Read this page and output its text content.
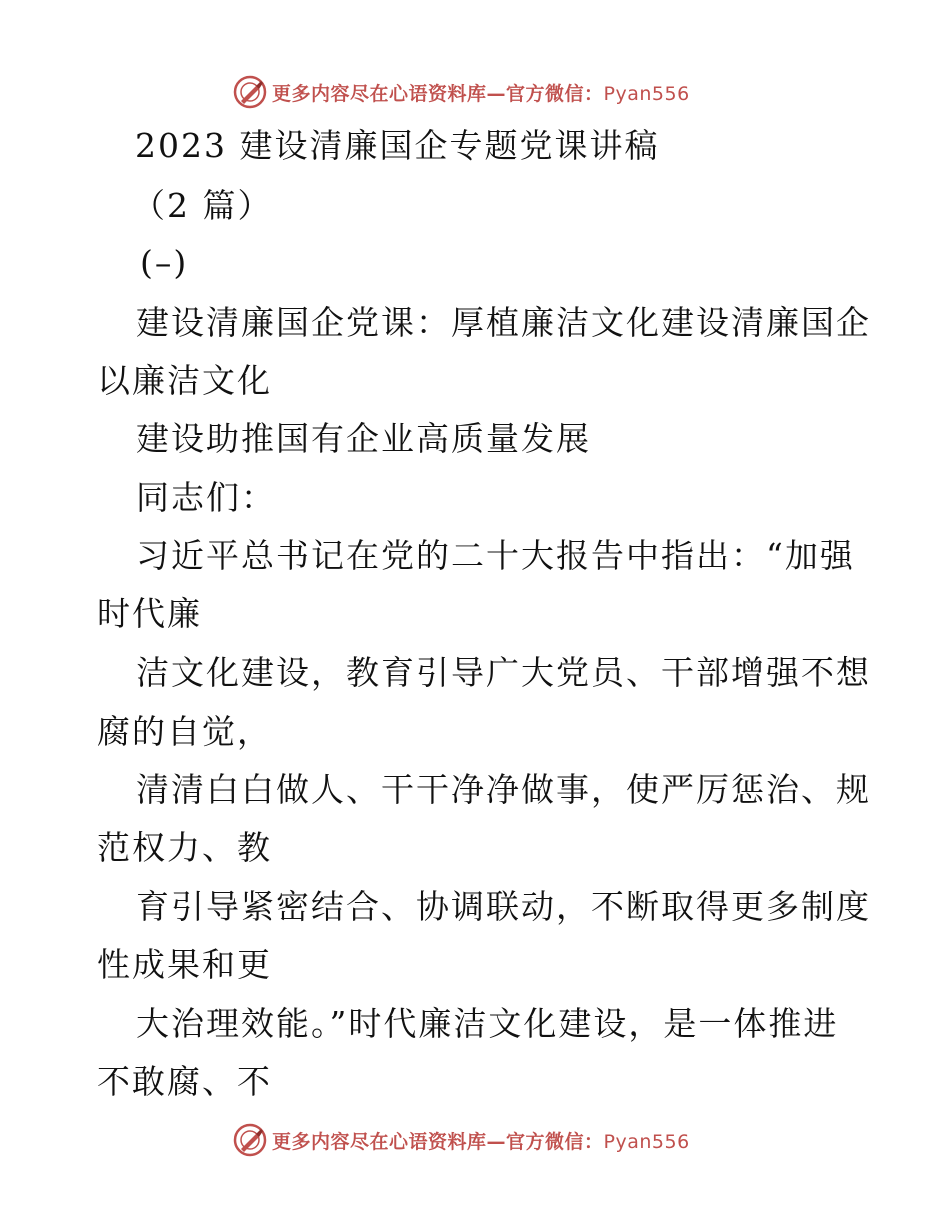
更多内容尽在心语资料库—官方微信：Pyan556
2023 建设清廉国企专题党课讲稿
（2 篇）
(–)
建设清廉国企党课：厚植廉洁文化建设清廉国企
以廉洁文化
建设助推国有企业高质量发展
同志们：
习近平总书记在党的二十大报告中指出：“加强
时代廉
洁文化建设，教育引导广大党员、干部增强不想
腐的自觉，
清清白白做人、干干净净做事，使严厉惩治、规
范权力、教
育引导紧密结合、协调联动，不断取得更多制度
性成果和更
大治理效能。”时代廉洁文化建设，是一体推进
不敢腐、不
更多内容尽在心语资料库—官方微信：Pyan556
